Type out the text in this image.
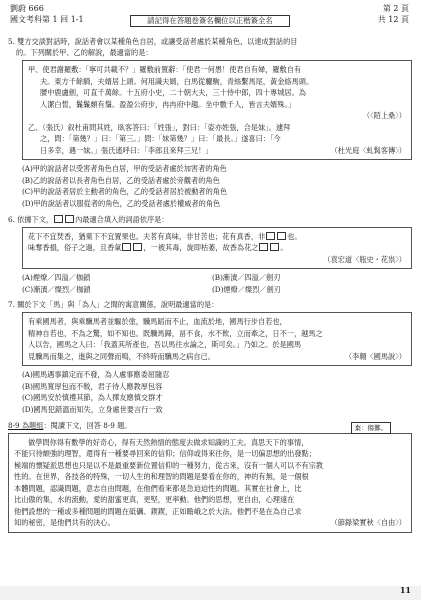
劉蔚 666
國文考科第 1 回 1-1	請記得在答題卷簽名欄位以正楷簽全名
第 2 頁
共 12 頁
5. 雙方交談對話時，說話者會以某種角色自居，或讓受話者處於某種角色，以達成對話的目
的。下列關於甲、乙的解說，最適當的是：
甲、使君謝羅敷：「寧可共載不？」羅敷前置辭：「使君一何愚！使君自有婦，羅敷自有
夫。東方千餘騎，夫婿居上頭。何用識夫婿，白馬從驪駒，青絲繫馬尾，黃金絡馬頭。
腰中鹿盧劍，可直千萬餘。十五府小史，二十朝大夫，三十侍中郎，四十專城居。為
人潔白皙，鬑鬑頗有鬚。盈盈公府步，冉冉府中趨。坐中數千人，皆言夫婿殊。」
（〈陌上桑〉）
乙、（張氏）叙杜甫問其姓，臥客答曰：「姓張」，對曰：「姿亦姓張，合是妹」。遽拜
之，問：「第幾？」曰：「第三。」問：「妹第幾？」曰：「最長。」遂喜曰：「今
日多幸，遇一妹。」張氏遙呼曰：「李郎且來拜三兄！」	（杜光庭〈虬髯客傳〉）
(A)甲的說話者以受害者角色自居，甲的受話者處於加害者的角色
(B)乙的說話者以長者角色自居，乙的受話者處於旁觀者的角色
(C)甲的說話者居於主動者的角色，乙的受話者居於被動者的角色
(D)甲的說話者以服從者的角色，乙的受話者處於權威者的角色
6. 依據下文，	內最適合填入的詞語依序是：
花下不宜焚香，猶菓下不宜置果也。夫茗有真味，非甘苦也；花有真香，非	也。
味奪香損，俗子之過，且香氣	，一被其毒，旋即枯萎，故香為花之	。
（袁宏道〈瓶史・花祟〉）
(A)煙燎／四溢／枷鎖	(B)漸漬／四溢／劍刃
(C)漸漬／燦烈／枷鎖	(D)煙燎／燦烈／劍刃
7. 關於下文「馬」與「為人」之間的寓意關係，說明最適當的是：
有乘國馬者，與乘驥馬者並驅於塗，驥馬蹈而不止，血流於地，國馬行步自若也，
精神自若也，不為之驚，如不知也。既驥馬歸，畐不食，水不飲，立而牽之，日不一，越馬之
人以告，國馬之人曰：「我蓋其所產也，吾以馬往水論之，斯可矣。」乃如之。於是國馬
見驥馬而集之，進與之同聲而鳴，不終時而驥馬之病自已。	（李翱〈國馬說〉）
(A)國馬遇事鎮定而不發，為人處事應委屈隨忍
(B)國馬寬厚包而不較，君子待人應教厚包容
(C)國馬安於慎禮其節，為人擇友應慎交群才
(D)國馬犯錯溫而知失，立身處世要言行一致
8-9 為題組：閱讀下文，回答 8-9 題。
做學問你得有數學的好奇心，得有天然熱情的態度去做求知識的工夫。真思天下的事情，
不能只待頗強的理智，還得有一種要尋回來的信仰；信仰或得來往你，是一切偏思想的出發點；
極端的懷疑派思想也只是以不是最重要新位置信仰的一種努力，從古來，沒有一個人可以不有宗教
性的。在世界，各技各的特殊，一切人生的和理智的問題是要看在你的，神的有無，是一個根
本體問題，認識問題，意志自由問題，在他們看來都是急迫迫性的問題。其實在社會上，比
比山傲的集，水的流動，愛的甜蜜更真，更堅，更率動。他們的思想，更自由，心理遠在
他們設想的一種或多種問題的問題在砥礪、鍥鍥，正如瞻峨之於大法。他們不是在為自己求
知的秘密，是他們共有的決心。	（節錄梁實秋〈自由〉）
棄：搊擲。
11
